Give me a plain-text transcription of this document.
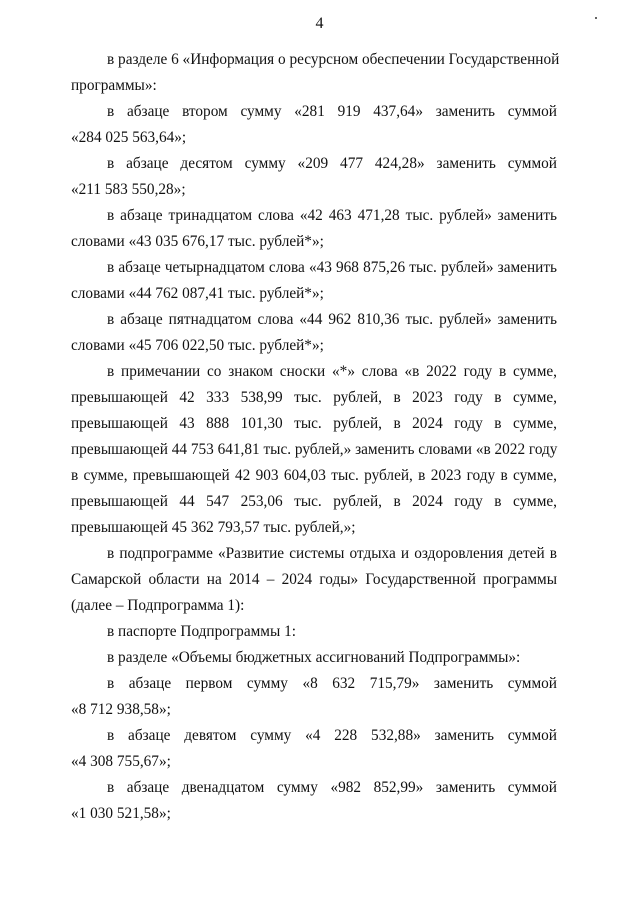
4
в разделе 6 «Информация о ресурсном обеспечении Государственной
программы»:
в абзаце втором сумму «281 919 437,64» заменить суммой
«284 025 563,64»;
в абзаце десятом сумму «209 477 424,28» заменить суммой
«211 583 550,28»;
в абзаце тринадцатом слова «42 463 471,28 тыс. рублей» заменить
словами «43 035 676,17 тыс. рублей*»;
в абзаце четырнадцатом слова «43 968 875,26 тыс. рублей» заменить
словами «44 762 087,41 тыс. рублей*»;
в абзаце пятнадцатом слова «44 962 810,36 тыс. рублей» заменить
словами «45 706 022,50 тыс. рублей*»;
в примечании со знаком сноски «*» слова «в 2022 году в сумме,
превышающей 42 333 538,99 тыс. рублей, в 2023 году в сумме,
превышающей 43 888 101,30 тыс. рублей, в 2024 году в сумме,
превышающей 44 753 641,81 тыс. рублей,» заменить словами «в 2022 году
в сумме, превышающей 42 903 604,03 тыс. рублей, в 2023 году в сумме,
превышающей 44 547 253,06 тыс. рублей, в 2024 году в сумме,
превышающей 45 362 793,57 тыс. рублей,»;
в подпрограмме «Развитие системы отдыха и оздоровления детей в
Самарской области на 2014 – 2024 годы» Государственной программы
(далее – Подпрограмма 1):
в паспорте Подпрограммы 1:
в разделе «Объемы бюджетных ассигнований Подпрограммы»:
в абзаце первом сумму «8 632 715,79» заменить суммой
«8 712 938,58»;
в абзаце девятом сумму «4 228 532,88» заменить суммой
«4 308 755,67»;
в абзаце двенадцатом сумму «982 852,99» заменить суммой
«1 030 521,58»;
